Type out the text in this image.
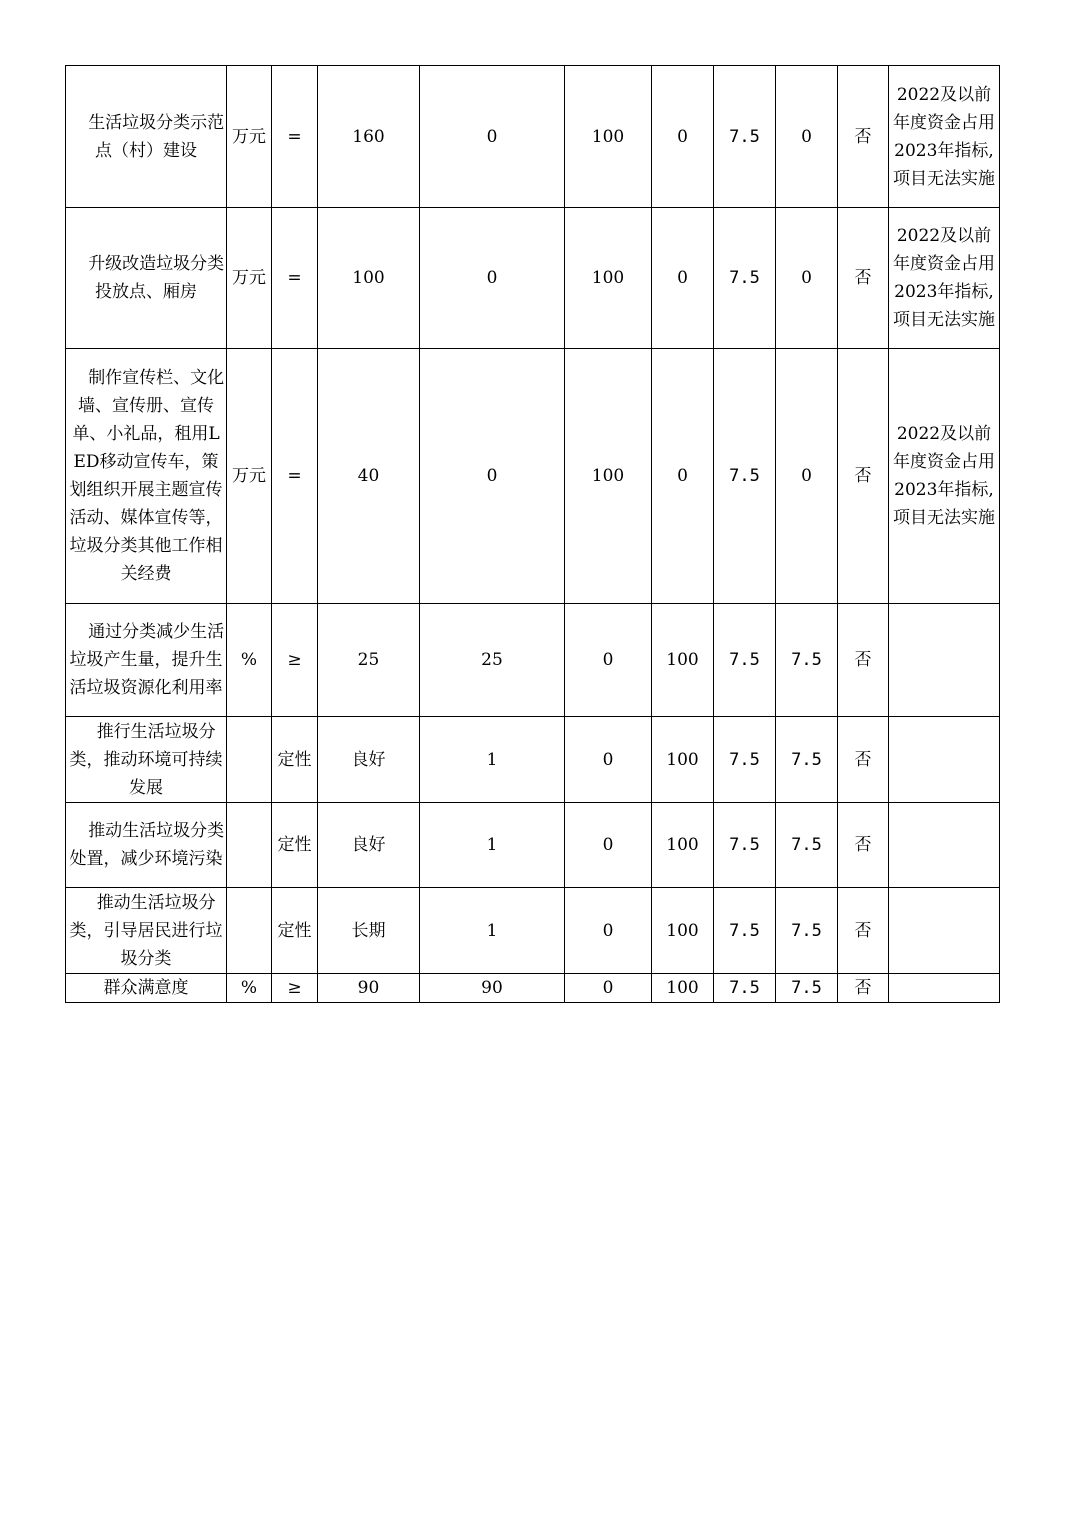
生活垃圾分类示范点（村）建设	万元	=	160	0	100	0	7.5	0	否	2022及以前年度资金占用2023年指标,项目无法实施
升级改造垃圾分类投放点、厢房	万元	=	100	0	100	0	7.5	0	否	2022及以前年度资金占用2023年指标,项目无法实施
制作宣传栏、文化墙、宣传册、宣传单、小礼品，租用LED移动宣传车，策划组织开展主题宣传活动、媒体宣传等，垃圾分类其他工作相关经费	万元	=	40	0	100	0	7.5	0	否	2022及以前年度资金占用2023年指标,项目无法实施
通过分类减少生活垃圾产生量，提升生活垃圾资源化利用率	%	≥	25	25	0	100	7.5	7.5	否	
推行生活垃圾分类，推动环境可持续发展		定性	良好	1	0	100	7.5	7.5	否	
推动生活垃圾分类处置，减少环境污染		定性	良好	1	0	100	7.5	7.5	否	
推动生活垃圾分类，引导居民进行垃圾分类		定性	长期	1	0	100	7.5	7.5	否	
群众满意度	%	≥	90	90	0	100	7.5	7.5	否	
